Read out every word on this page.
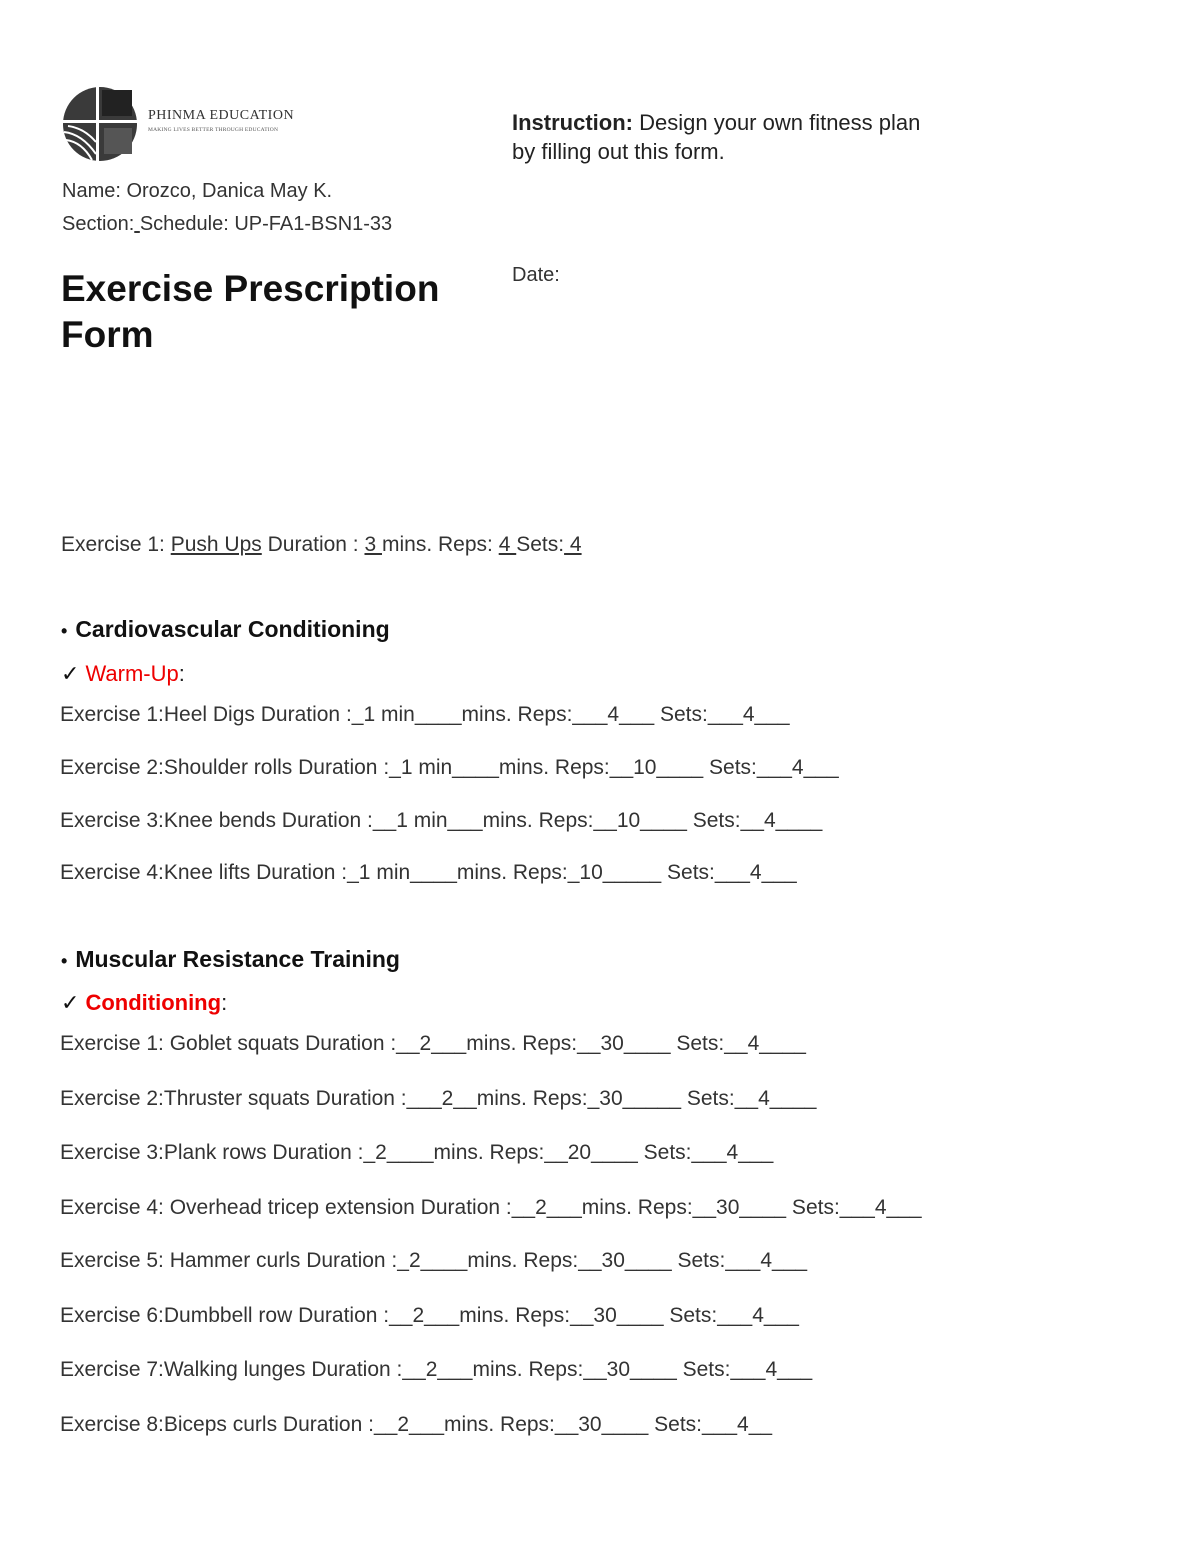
PHINMA EDUCATION
MAKING LIVES BETTER THROUGH EDUCATION
Name: Orozco, Danica May K.
Section: Schedule: UP-FA1-BSN1-33
Exercise Prescription
Form
Instruction: Design your own fitness plan
by filling out this form.
Date:
Exercise 1: Push Ups Duration : 3 mins. Reps: 4 Sets: 4
• Cardiovascular Conditioning
✓ Warm-Up:
Exercise 1:Heel Digs Duration :_1 min____mins. Reps:___4___ Sets:___4___
Exercise 2:Shoulder rolls Duration :_1 min____mins. Reps:__10____ Sets:___4___
Exercise 3:Knee bends Duration :__1 min___mins. Reps:__10____ Sets:__4____
Exercise 4:Knee lifts Duration :_1 min____mins. Reps:_10_____ Sets:___4___
• Muscular Resistance Training
✓ Conditioning:
Exercise 1: Goblet squats Duration :__2___mins. Reps:__30____ Sets:__4____
Exercise 2:Thruster squats Duration :___2__mins. Reps:_30_____ Sets:__4____
Exercise 3:Plank rows Duration :_2____mins. Reps:__20____ Sets:___4___
Exercise 4: Overhead tricep extension Duration :__2___mins. Reps:__30____ Sets:___4___
Exercise 5: Hammer curls Duration :_2____mins. Reps:__30____ Sets:___4___
Exercise 6:Dumbbell row Duration :__2___mins. Reps:__30____ Sets:___4___
Exercise 7:Walking lunges Duration :__2___mins. Reps:__30____ Sets:___4___
Exercise 8:Biceps curls Duration :__2___mins. Reps:__30____ Sets:___4__
